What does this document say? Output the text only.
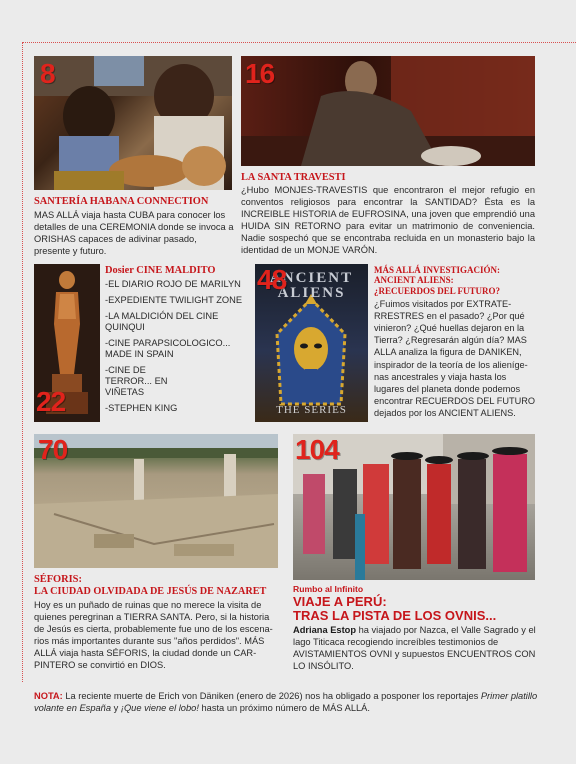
8
SANTERÍA HABANA CONNECTION
MAS ALLÁ viaja hasta CUBA para conocer los detalles de una CEREMONIA donde se invoca a ORISHAS capaces de adivinar pasado, presente y futuro.
16
LA SANTA TRAVESTI
¿Hubo MONJES-TRAVESTIS que encontraron el mejor refugio en conventos religiosos para encontrar la SANTIDAD? Ésta es la INCREIBLE HISTORIA de EUFROSINA, una joven que emprendió una HUIDA SIN RETORNO para evitar un matrimonio de conveniencia. Nadie sospechó que se encontraba recluida en un monasterio bajo la identidad de un MONJE VARÓN.
22
Dosier CINE MALDITO
-EL DIARIO ROJO DE MARILYN
-EXPEDIENTE TWILIGHT ZONE
-LA MALDICIÓN DEL CINE QUINQUI
-CINE PARAPSICOLOGICO... MADE IN SPAIN
-CINE DE TERROR... EN VIÑETAS
-STEPHEN KING
ANCIENT
ALIENS
THE SERIES
48	MÁS ALLÁ INVESTIGACIÓN:
ANCIENT ALIENS:
¿RECUERDOS DEL FUTURO?
¿Fuimos visitados por EXTRATE-RRESTRES en el pasado? ¿Por qué vinieron? ¿Qué huellas dejaron en la Tierra? ¿Regresarán algún día? MAS ALLA analiza la figura de DANIKEN, inspirador de la teoría de los alieníge-nas ancestrales y viaja hasta los lugares del planeta donde podemos encontrar RECUERDOS DEL FUTURO dejados por los ANCIENT ALIENS.
70
SÉFORIS:
LA CIUDAD OLVIDADA DE JESÚS DE NAZARET
Hoy es un puñado de ruinas que no merece la visita de quienes peregrinan a TIERRA SANTA. Pero, si la historia de Jesús es cierta, probablemente fue uno de los escena-rios más importantes durante sus "años perdidos". MÁS ALLÁ viaja hasta SÉFORIS, la ciudad donde un CAR-PINTERO se convirtió en DIOS.
104
Rumbo al Infinito
VIAJE A PERÚ:
TRAS LA PISTA DE LOS OVNIS...
Adriana Estop ha viajado por Nazca, el Valle Sagrado y el lago Titicaca recogiendo increíbles testimonios de AVISTAMIENTOS OVNI y supuestos ENCUENTROS CON LO INSÓLITO.
NOTA: La reciente muerte de Erich von Däniken (enero de 2026) nos ha obligado a posponer los reportajes Primer platillo volante en España y ¡Que viene el lobo! hasta un próximo número de MÁS ALLÁ.
